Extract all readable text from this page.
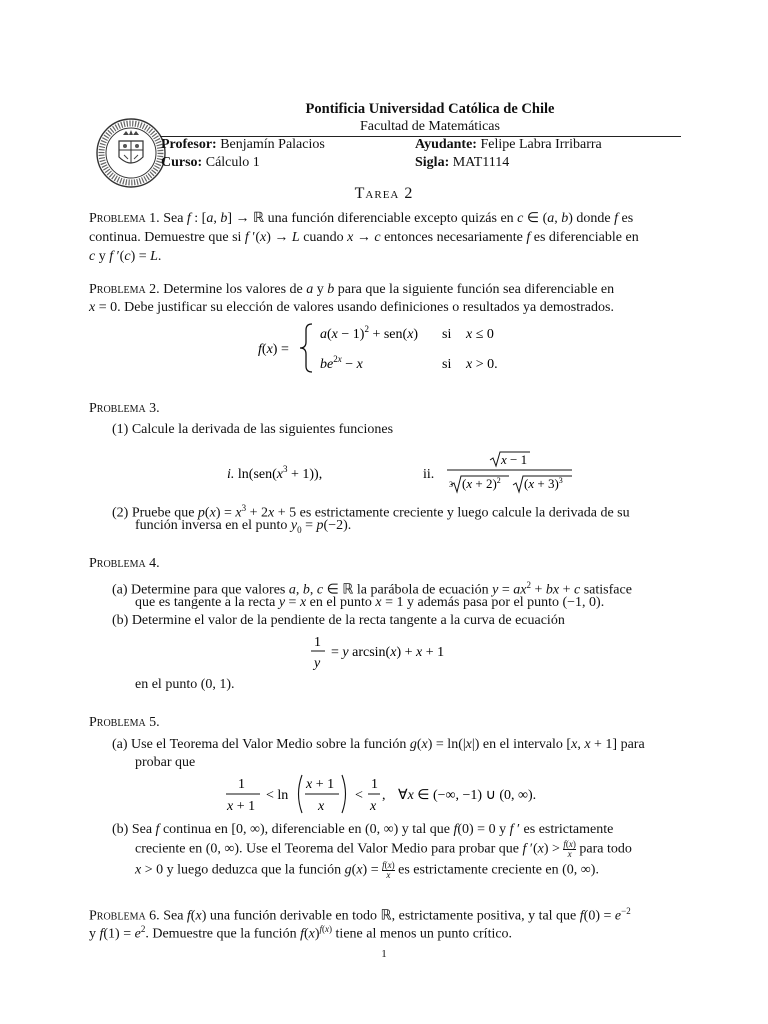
Pontificia Universidad Católica de Chile
Facultad de Matemáticas
Profesor: Benjamín Palacios
Curso: Cálculo 1
Ayudante: Felipe Labra Irribarra
Sigla: MAT1114
Tarea 2
Problema 1. Sea f : [a, b] → ℝ una función diferenciable excepto quizás en c ∈ (a, b) donde f es
continua. Demuestre que si f ′(x) → L cuando x → c entonces necesariamente f es diferenciable en
c y f ′(c) = L.
Problema 2. Determine los valores de a y b para que la siguiente función sea diferenciable en
x = 0. Debe justificar su elección de valores usando definiciones o resultados ya demostrados.
f(x) =
$a(x - 1)^2 + sen(x)$ si x ≤ 0
$be^{2x} - x$	si x > 0.
Problema 3.
(1) Calcule la derivada de las siguientes funciones
i. $\ln(sen(x^3 + 1))$,	ii.
x − 1
3 $(x + 2)^2$ $(x + 3)^3$
(2) Pruebe que $p(x) = x^3 + 2x + 5$ es estrictamente creciente y luego calcule la derivada de su
función inversa en el punto $y_0 = p(-2)$.
Problema 4.
(a) Determine para que valores a, b, c ∈ ℝ la parábola de ecuación $y = ax^2$ + bx + c satisface
que es tangente a la recta y = x en el punto x = 1 y además pasa por el punto (−1, 0).
(b) Determine el valor de la pendiente de la recta tangente a la curva de ecuación
1
y
= y arcsin(x) + x + 1
en el punto (0, 1).
Problema 5.
(a) Use el Teorema del Valor Medio sobre la función g(x) = ln(|x|) en el intervalo [x, x + 1] para
probar que
1
x + 1
< ln
x + 1
x
<
1
x
, ∀x ∈ (−∞, −1) ∪ (0, ∞).
(b) Sea f continua en [0, ∞), diferenciable en (0, ∞) y tal que f(0) = 0 y f ′ es estrictamente
creciente en (0, ∞). Use el Teorema del Valor Medio para probar que f $'(x) > \frac{f(x)}{x}$ para todo
x > 0 y luego deduzca que la función $g(x) = \frac{f(x)}{x}$ es estrictamente creciente en (0, ∞).
Problema 6. Sea f(x) una función derivable en todo ℝ, estrictamente positiva, y tal que $f(0) = e^{-2}$
y $f(1) = e^2$. Demuestre que la función $f(x)^{f(x)}$ tiene al menos un punto crítico.
1
